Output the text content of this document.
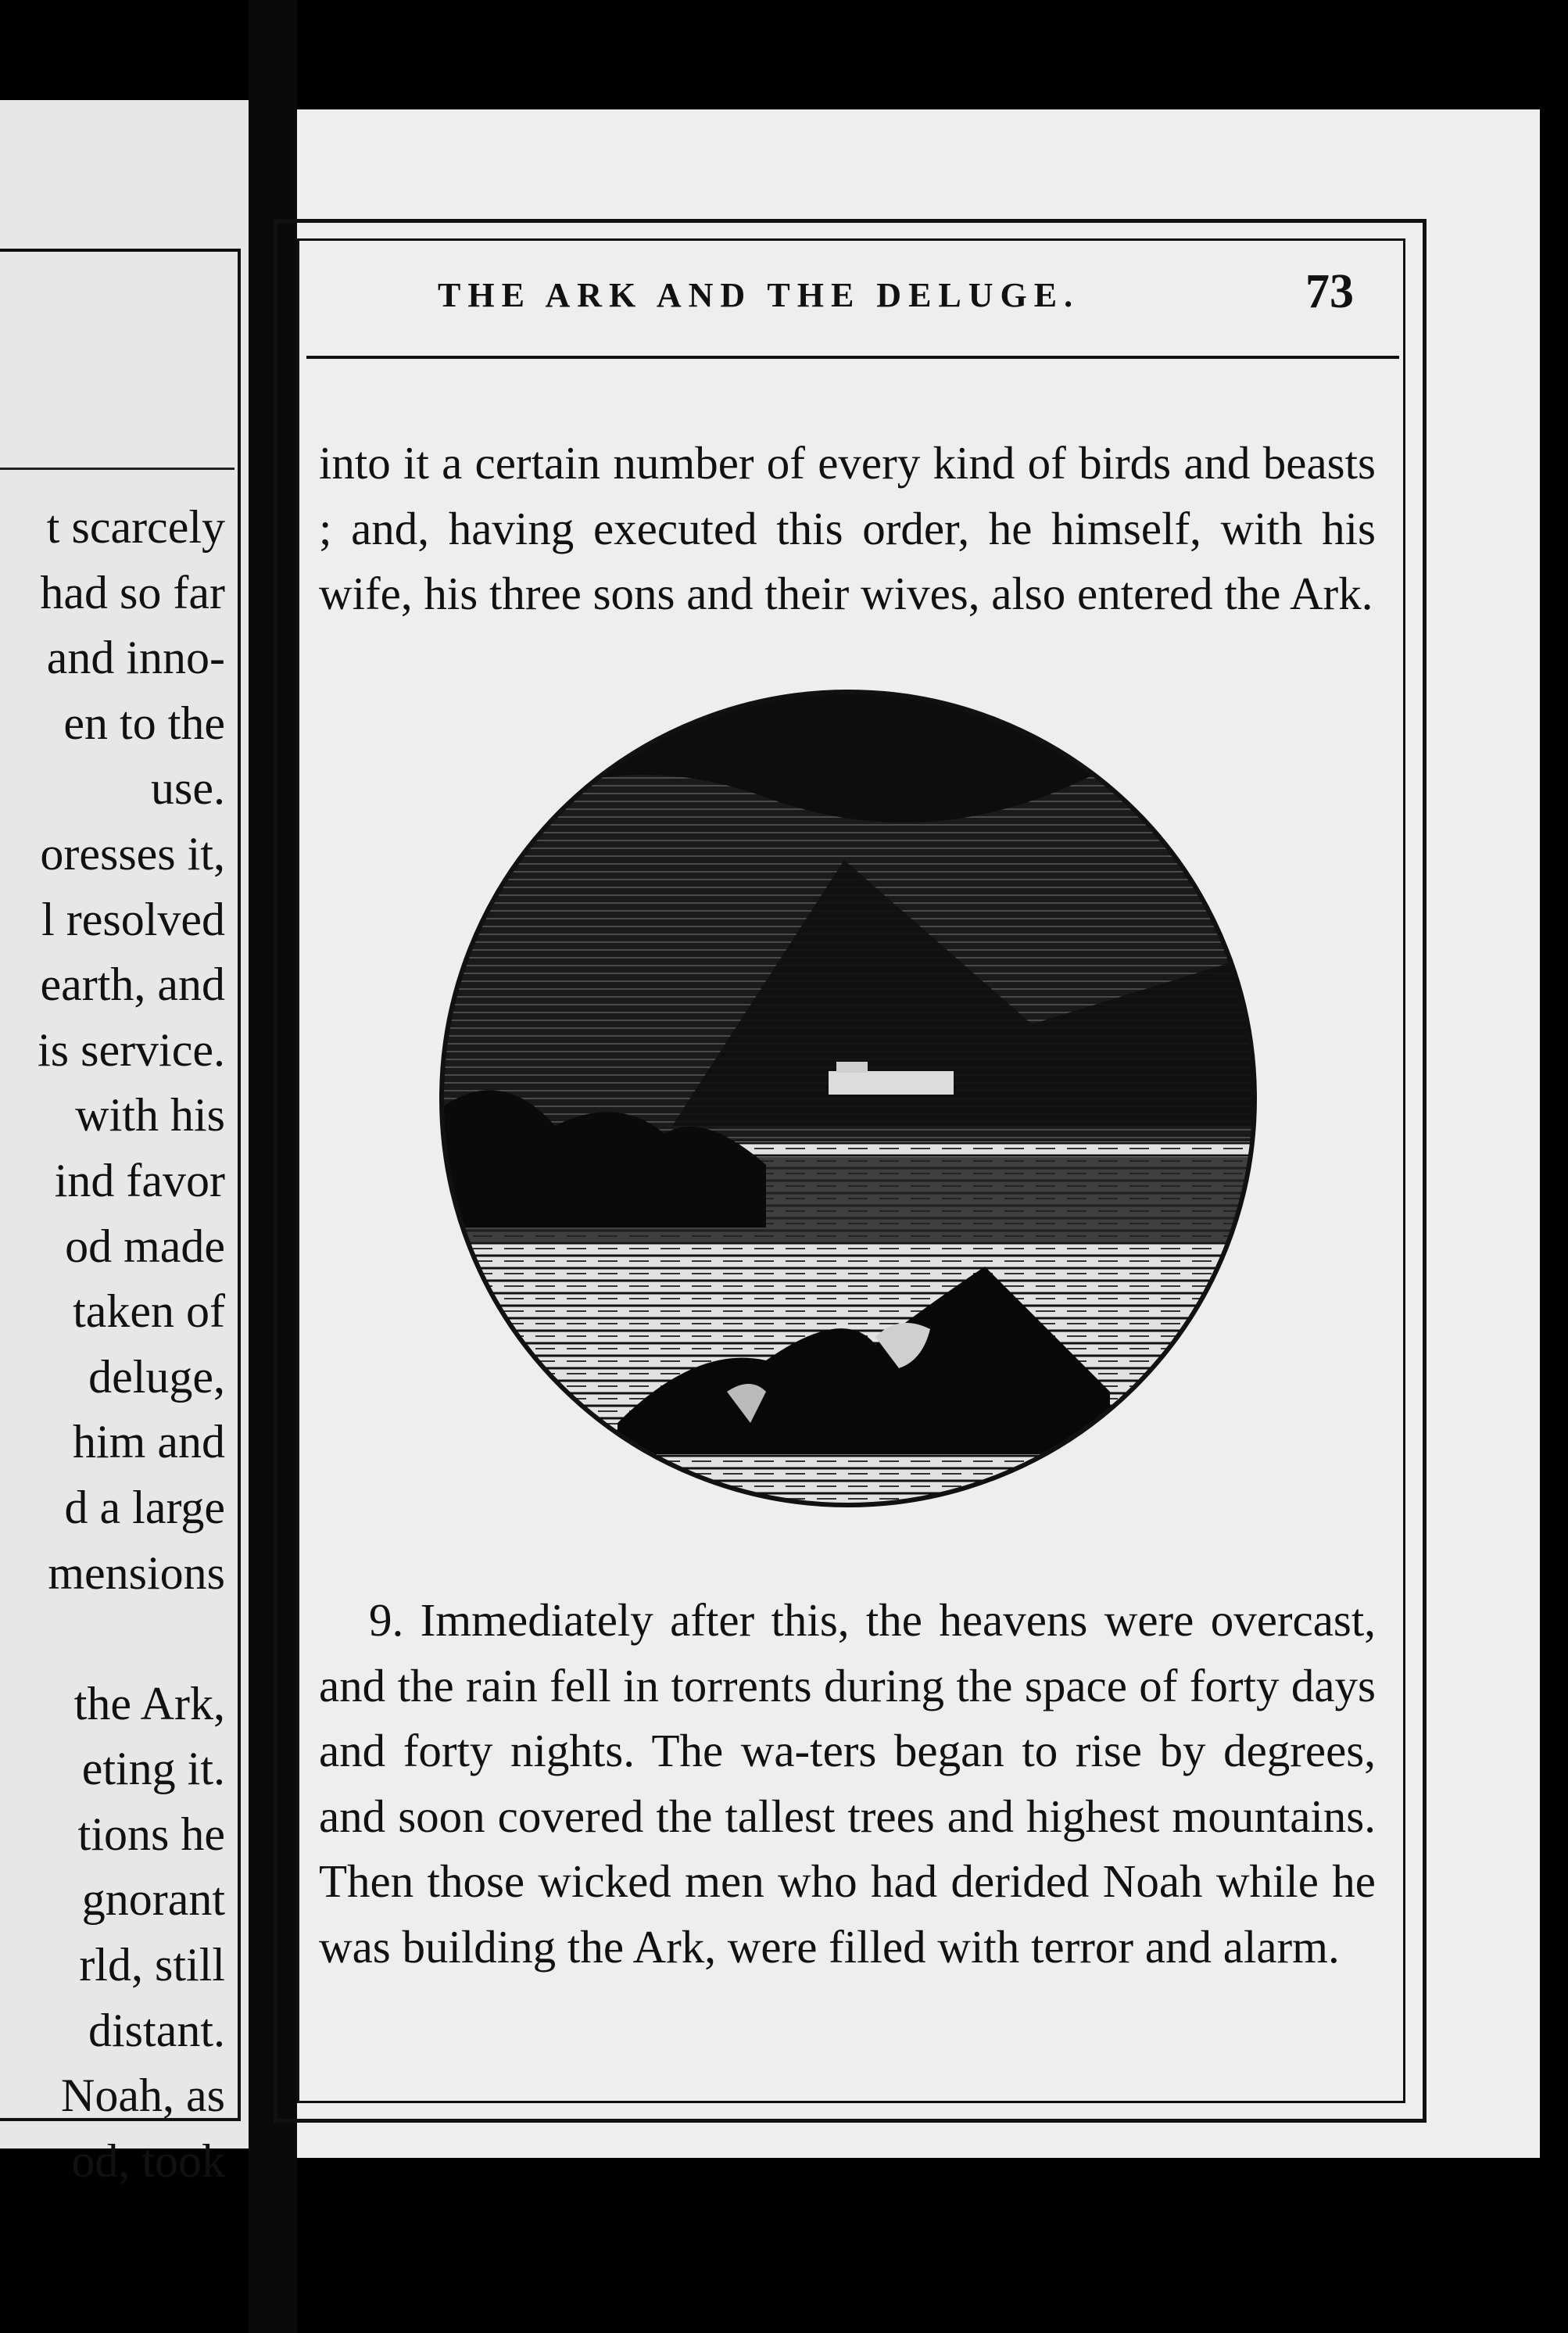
t scarcely
had so far
and inno-
en to the
use.
oresses it,
l resolved
earth, and
is service.
with his
ind favor
od made
taken of
deluge,
him and
d a large
mensions
the Ark,
eting it.
tions he
gnorant
rld, still
distant.
Noah, as
od, took
THE ARK AND THE DELUGE.	73

into it a certain number of every kind of birds and beasts ; and, having executed this order, he himself, with his wife, his three sons and their wives, also entered the Ark.

9. Immediately after this, the heavens were overcast, and the rain fell in torrents during the space of forty days and forty nights. The wa-ters began to rise by degrees, and soon covered the tallest trees and highest mountains. Then those wicked men who had derided Noah while he was building the Ark, were filled with terror and alarm.
